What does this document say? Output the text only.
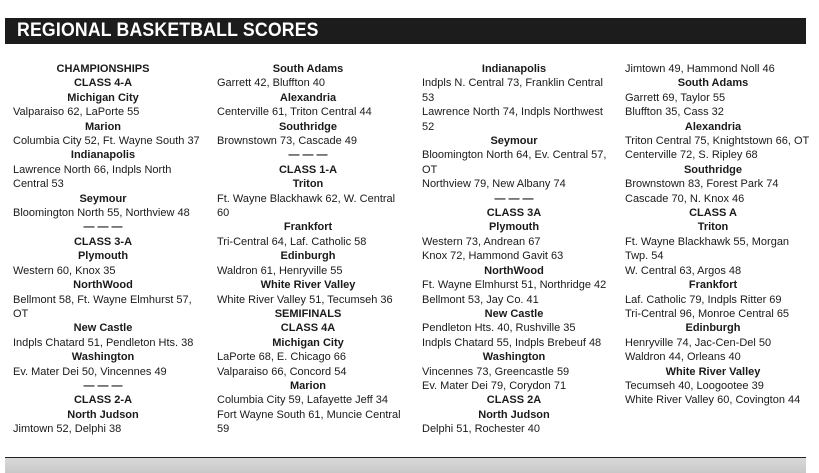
REGIONAL BASKETBALL SCORES
CHAMPIONSHIPS
CLASS 4-A
Michigan City
Valparaiso 62, LaPorte 55
Marion
Columbia City 52, Ft. Wayne South 37
Indianapolis
Lawrence North 66, Indpls North Central 53
Seymour
Bloomington North 55, Northview 48
— — —
CLASS 3-A
Plymouth
Western 60, Knox 35
NorthWood
Bellmont 58, Ft. Wayne Elmhurst 57, OT
New Castle
Indpls Chatard 51, Pendleton Hts. 38
Washington
Ev. Mater Dei 50, Vincennes 49
— — —
CLASS 2-A
North Judson
Jimtown 52, Delphi 38
South Adams
Garrett 42, Bluffton 40
Alexandria
Centerville 61, Triton Central 44
Southridge
Brownstown 73, Cascade 49
— — —
CLASS 1-A
Triton
Ft. Wayne Blackhawk 62, W. Central 60
Frankfort
Tri-Central 64, Laf. Catholic 58
Edinburgh
Waldron 61, Henryville 55
White River Valley
White River Valley 51, Tecumseh 36
SEMIFINALS
CLASS 4A
Michigan City
LaPorte 68, E. Chicago 66
Valparaiso 66, Concord 54
Marion
Columbia City 59, Lafayette Jeff 34
Fort Wayne South 61, Muncie Central 59
Indianapolis
Indpls N. Central 73, Franklin Central 53
Lawrence North 74, Indpls Northwest 52
Seymour
Bloomington North 64, Ev. Central 57, OT
Northview 79, New Albany 74
— — —
CLASS 3A
Plymouth
Western 73, Andrean 67
Knox 72, Hammond Gavit 63
NorthWood
Ft. Wayne Elmhurst 51, Northridge 42
Bellmont 53, Jay Co. 41
New Castle
Pendleton Hts. 40, Rushville 35
Indpls Chatard 55, Indpls Brebeuf 48
Washington
Vincennes 73, Greencastle 59
Ev. Mater Dei 79, Corydon 71
CLASS 2A
North Judson
Delphi 51, Rochester 40
Jimtown 49, Hammond Noll 46
South Adams
Garrett 69, Taylor 55
Bluffton 35, Cass 32
Alexandria
Triton Central 75, Knightstown 66, OT
Centerville 72, S. Ripley 68
Southridge
Brownstown 83, Forest Park 74
Cascade 70, N. Knox 46
CLASS A
Triton
Ft. Wayne Blackhawk 55, Morgan Twp. 54
W. Central 63, Argos 48
Frankfort
Laf. Catholic 79, Indpls Ritter 69
Tri-Central 96, Monroe Central 65
Edinburgh
Henryville 74, Jac-Cen-Del 50
Waldron 44, Orleans 40
White River Valley
Tecumseh 40, Loogootee 39
White River Valley 60, Covington 44
